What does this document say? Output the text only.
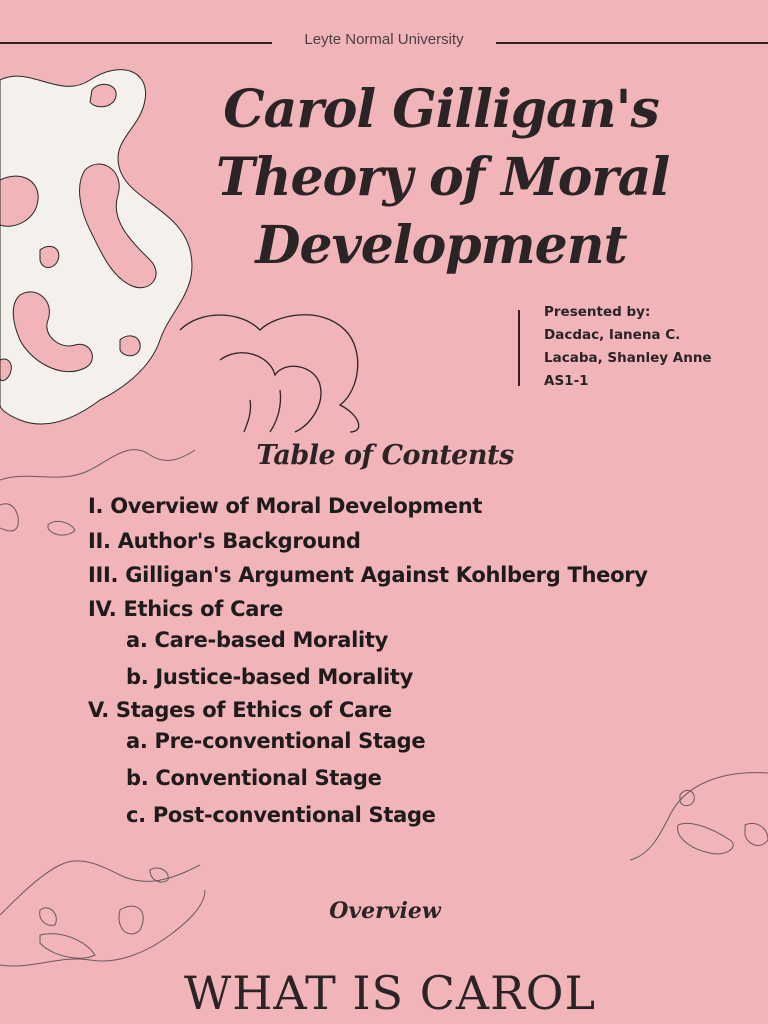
Leyte Normal University
Carol Gilligan's
Theory of Moral
Development
Presented by:
Dacdac, Ianena C.
Lacaba, Shanley Anne
AS1-1
Table of Contents
I. Overview of Moral Development
II. Author's Background
III. Gilligan's Argument Against Kohlberg Theory
IV. Ethics of Care
a. Care-based Morality
b. Justice-based Morality
V. Stages of Ethics of Care
a. Pre-conventional Stage
b. Conventional Stage
c. Post-conventional Stage
Overview
WHAT IS CAROL
